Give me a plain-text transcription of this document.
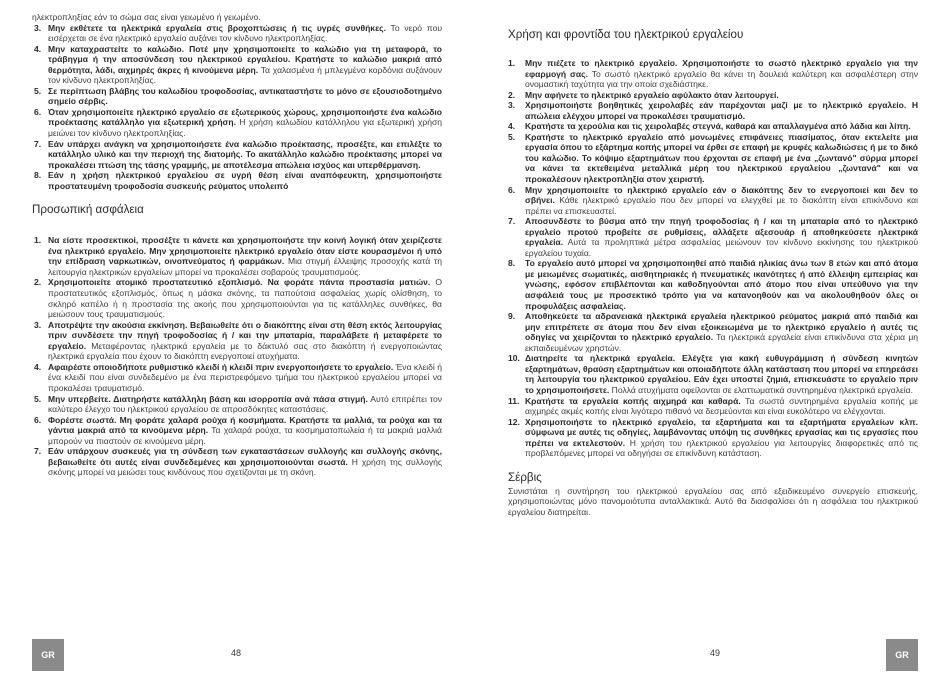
ηλεκτροπληξίας εάν το σώμα σας είναι γειωμένο ή γειωμένο.

3. Μην εκθέτετε τα ηλεκτρικά εργαλεία στις βροχοπτώσεις ή τις υγρές συνθήκες. Το νερό που εισέρχεται σε ένα ηλεκτρικό εργαλείο αυξάνει τον κίνδυνο ηλεκτροπληξίας.
4. Μην καταχραστείτε το καλώδιο. Ποτέ μην χρησιμοποιείτε το καλώδιο για τη μεταφορά, το τράβηγμα ή την αποσύνδεση του ηλεκτρικού εργαλείου. Κρατήστε το καλώδιο μακριά από θερμότητα, λάδι, αιχμηρές άκρες ή κινούμενα μέρη. Τα χαλασμένα ή μπλεγμένα κορδόνια αυξάνουν τον κίνδυνο ηλεκτροπληξίας.
5. Σε περίπτωση βλάβης του καλωδίου τροφοδοσίας, αντικαταστήστε το μόνο σε εξουσιοδοτημένο σημείο σέρβις.
6. Όταν χρησιμοποιείτε ηλεκτρικό εργαλείο σε εξωτερικούς χώρους, χρησιμοποιήστε ένα καλώδιο προέκτασης κατάλληλο για εξωτερική χρήση. Η χρήση καλωδίου κατάλληλου για εξωτερική χρήση μειώνει τον κίνδυνο ηλεκτροπληξίας.
7. Εάν υπάρχει ανάγκη να χρησιμοποιήσετε ένα καλώδιο προέκτασης, προσέξτε, και επιλέξτε το κατάλληλο υλικό και την περιοχή της διατομής. Το ακατάλληλο καλώδιο προέκτασης μπορεί να προκαλέσει πτώση της τάσης γραμμής, με αποτέλεσμα απώλεια ισχύος και υπερθέρμανση.
8. Εάν η χρήση ηλεκτρικού εργαλείου σε υγρή θέση είναι αναπόφευκτη, χρησιμοποιήστε προστατευμένη τροφοδοσία συσκευής ρεύματος υπολειπό
Προσωπική ασφάλεια
1. Να είστε προσεκτικοί, προσέξτε τι κάνετε και χρησιμοποιήστε την κοινή λογική όταν χειρίζεστε ένα ηλεκτρικό εργαλείο. Μην χρησιμοποιείτε ηλεκτρικό εργαλείο όταν είστε κουρασμένοι ή υπό την επίδραση ναρκωτικών, οινοπνεύματος ή φαρμάκων. Μια στιγμή έλλειψης προσοχής κατά τη λειτουργία ηλεκτρικών εργαλείων μπορεί να προκαλέσει σοβαρούς τραυματισμούς.
2. Χρησιμοποιείτε ατομικό προστατευτικό εξοπλισμό. Να φοράτε πάντα προστασία ματιών. Ο προστατευτικός εξοπλισμός, όπως η μάσκα σκόνης, τα παπούτσια ασφαλείας χωρίς ολίσθηση, το σκληρό καπέλο ή η προστασία της ακοής που χρησιμοποιούνται για τις κατάλληλες συνθήκες, θα μειώσουν τους τραυματισμούς.
3. Αποτρέψτε την ακούσια εκκίνηση. Βεβαιωθείτε ότι ο διακόπτης είναι στη θέση εκτός λειτουργίας πριν συνδέσετε την πηγή τροφοδοσίας ή / και την μπαταρία, παραλάβετε ή μεταφέρετε το εργαλείο. Μεταφέροντας ηλεκτρικά εργαλεία με το δάκτυλό σας στο διακόπτη ή ενεργοποιώντας ηλεκτρικά εργαλεία που έχουν το διακόπτη ενεργοποιεί ατυχήματα.
4. Αφαιρέστε οποιοδήποτε ρυθμιστικό κλειδί ή κλειδί πριν ενεργοποιήσετε το εργαλείο. Ένα κλειδί ή ένα κλειδί που είναι συνδεδεμένο με ένα περιστρεφόμενο τμήμα του ηλεκτρικού εργαλείου μπορεί να προκαλέσει τραυματισμό.
5. Μην υπερβείτε. Διατηρήστε κατάλληλη βάση και ισορροπία ανά πάσα στιγμή. Αυτό επιτρέπει τον καλύτερο έλεγχο του ηλεκτρικού εργαλείου σε απροσδόκητες καταστάσεις.
6. Φορέστε σωστά. Μη φοράτε χαλαρά ρούχα ή κοσμήματα. Κρατήστε τα μαλλιά, τα ρούχα και τα γάντια μακριά από τα κινούμενα μέρη. Τα χαλαρά ρούχα, τα κοσμηματοπωλεία ή τα μακριά μαλλιά μπορούν να πιαστούν σε κινούμενα μέρη.
7. Εάν υπάρχουν συσκευές για τη σύνδεση των εγκαταστάσεων συλλογής και συλλογής σκόνης, βεβαιωθείτε ότι αυτές είναι συνδεδεμένες και χρησιμοποιούνται σωστά. Η χρήση της συλλογής σκόνης μπορεί να μειώσει τους κινδύνους που σχετίζονται με τη σκόνη.
GR	48
Χρήση και φροντίδα του ηλεκτρικού εργαλείου
1. Μην πιέζετε το ηλεκτρικό εργαλείο. Χρησιμοποιήστε το σωστό ηλεκτρικό εργαλείο για την εφαρμογή σας. Το σωστό ηλεκτρικό εργαλείο θα κάνει τη δουλειά καλύτερη και ασφαλέστερη στην ονομαστική ταχύτητα για την οποία σχεδιάστηκε.
2. Μην αφήνετε το ηλεκτρικό εργαλείο αφύλακτο όταν λειτουργεί.
3. Χρησιμοποιήστε βοηθητικές χειρολαβές εάν παρέχονται μαζί με το ηλεκτρικό εργαλείο. Η απώλεια ελέγχου μπορεί να προκαλέσει τραυματισμό.
4. Κρατήστε τα χερούλια και τις χειρολαβές στεγνά, καθαρά και απαλλαγμένα από λάδια και λίπη.
5. Κρατήστε το ηλεκτρικό εργαλείο από μονωμένες επιφάνειες πιασίματος, όταν εκτελείτε μια εργασία όπου το εξάρτημα κοπής μπορεί να έρθει σε επαφή με κρυφές καλωδιώσεις ή με το δικό του καλώδιο. Το κόψιμο εξαρτημάτων που έρχονται σε επαφή με ένα „ζωντανό" σύρμα μπορεί να κάνει τα εκτεθειμένα μεταλλικά μέρη του ηλεκτρικού εργαλείου „ζωντανά" και να προκαλέσουν ηλεκτροπληξία στον χειριστή.
6. Μην χρησιμοποιείτε το ηλεκτρικό εργαλείο εάν ο διακόπτης δεν το ενεργοποιεί και δεν το σβήνει. Κάθε ηλεκτρικό εργαλείο που δεν μπορεί να ελεγχθεί με το διακόπτη είναι επικίνδυνο και πρέπει να επισκευαστεί.
7. Αποσυνδέστε το βύσμα από την πηγή τροφοδοσίας ή / και τη μπαταρία από το ηλεκτρικό εργαλείο προτού προβείτε σε ρυθμίσεις, αλλάξετε αξεσουάρ ή αποθηκεύσετε ηλεκτρικά εργαλεία. Αυτά τα προληπτικά μέτρα ασφαλείας μειώνουν τον κίνδυνο εκκίνησης του ηλεκτρικού εργαλείου τυχαία.
8. Το εργαλείο αυτό μπορεί να χρησιμοποιηθεί από παιδιά ηλικίας άνω των 8 ετών και από άτομα με μειωμένες σωματικές, αισθητηριακές ή πνευματικές ικανότητες ή από έλλειψη εμπειρίας και γνώσης, εφόσον επιβλέπονται και καθοδηγούνται από άτομο που είναι υπεύθυνο για την ασφάλειά τους με προσεκτικό τρόπο για να κατανοηθούν και να ακολουθηθούν όλες οι προφυλάξεις ασφαλείας.
9. Αποθηκεύετε τα αδρανειακά ηλεκτρικά εργαλεία ηλεκτρικού ρεύματος μακριά από παιδιά και μην επιτρέπετε σε άτομα που δεν είναι εξοικειωμένα με το ηλεκτρικό εργαλείο ή αυτές τις οδηγίες να χειρίζονται το ηλεκτρικό εργαλείο. Τα ηλεκτρικά εργαλεία είναι επικίνδυνα στα χέρια μη εκπαιδευμένων χρηστών.
10. Διατηρείτε τα ηλεκτρικά εργαλεία. Ελέγξτε για κακή ευθυγράμμιση ή σύνδεση κινητών εξαρτημάτων, θραύση εξαρτημάτων και οποιαδήποτε άλλη κατάσταση που μπορεί να επηρεάσει τη λειτουργία του ηλεκτρικού εργαλείου. Εάν έχει υποστεί ζημιά, επισκευάστε το εργαλείο πριν το χρησιμοποιήσετε. Πολλά ατυχήματα οφείλονται σε ελαττωματικά συντηρημένα ηλεκτρικά εργαλεία.
11. Κρατήστε τα εργαλεία κοπής αιχμηρά και καθαρά. Τα σωστά συντηρημένα εργαλεία κοπής με αιχμηρές ακμές κοπής είναι λιγότερο πιθανό να δεσμεύονται και είναι ευκολότερο να ελέγχονται.
12. Χρησιμοποιήστε το ηλεκτρικό εργαλείο, τα εξαρτήματα και τα εξαρτήματα εργαλείων κλπ. σύμφωνα με αυτές τις οδηγίες, λαμβάνοντας υπόψη τις συνθήκες εργασίας και τις εργασίες που πρέπει να εκτελεστούν. Η χρήση του ηλεκτρικού εργαλείου για λειτουργίες διαφορετικές από τις προβλεπόμενες μπορεί να οδηγήσει σε επικίνδυνη κατάσταση.
Σέρβις

Συνιστάται η συντήρηση του ηλεκτρικού εργαλείου σας από εξειδικευμένο συνεργείο επισκευής, χρησιμοποιώντας μόνο πανομοιότυπα ανταλλακτικά. Αυτό θα διασφαλίσει ότι η ασφάλεια του ηλεκτρικού εργαλείου διατηρείται.

49	GR
